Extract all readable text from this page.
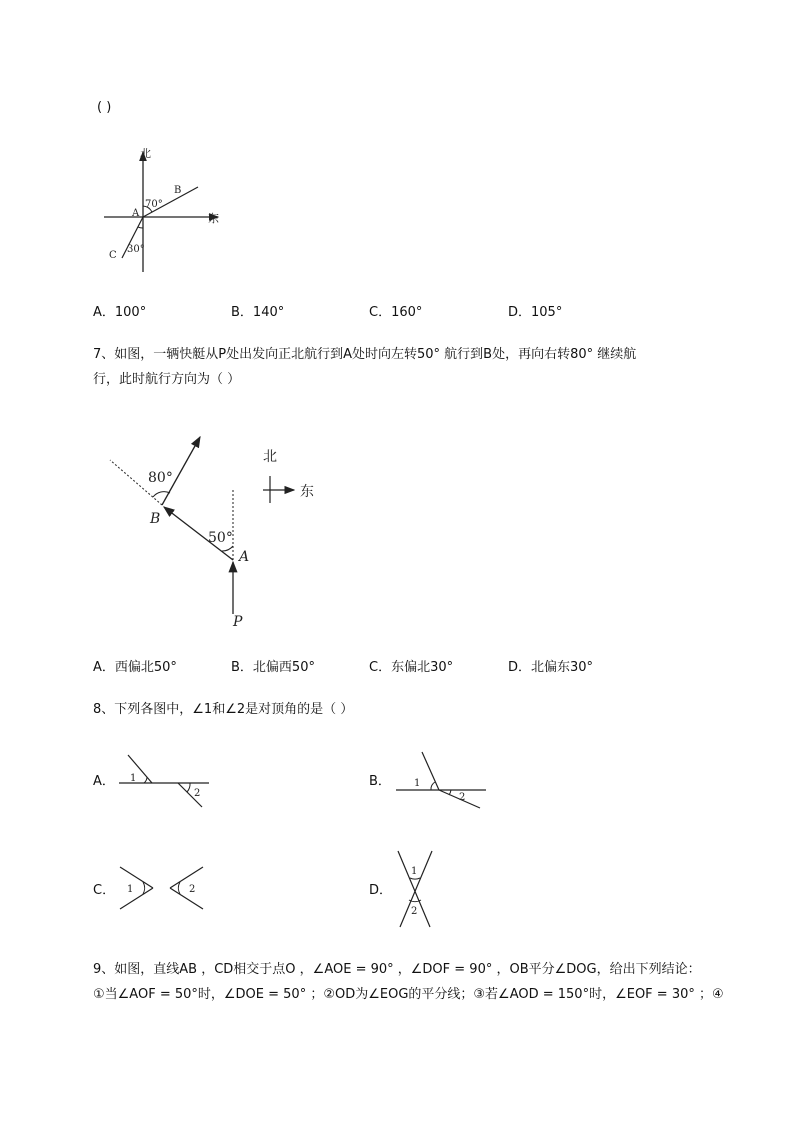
( )
北
东
A
B
C
70°
30°
A．100°	B．140°	C．160°	D．105°
7、如图，一辆快艇从P处出发向正北航行到A处时向左转50° 航行到B处，再向右转80° 继续航
行，此时航行方向为（ ）
80°
50°
B
A
P
北
东
A．西偏北50°	B．北偏西50°	C．东偏北30°	D．北偏东30°
8、下列各图中，∠1和∠2是对顶角的是（ ）
A． 1
2
B． 1
2
C． 1	2	D．
1
2
9、如图，直线AB ，CD相交于点O ，∠AOE = 90° ，∠DOF = 90° ，OB平分∠DOG，给出下列结论：
①当∠AOF = 50°时，∠DOE = 50° ；②OD为∠EOG的平分线；③若∠AOD = 150°时，∠EOF = 30° ；④
